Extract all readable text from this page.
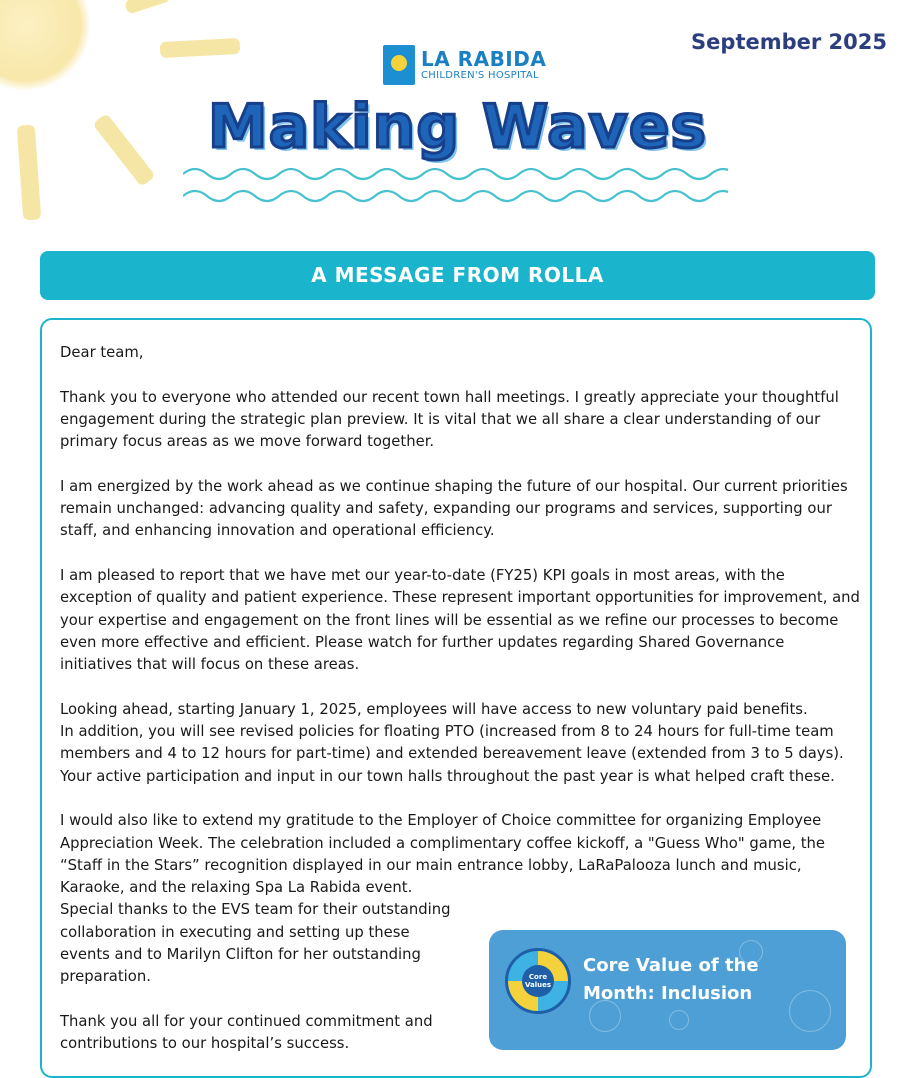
September 2025
LA RABIDA
CHILDREN'S HOSPITAL
Making Waves
A MESSAGE FROM ROLLA

Dear team,

Thank you to everyone who attended our recent town hall meetings. I greatly appreciate your thoughtful engagement during the strategic plan preview. It is vital that we all share a clear understanding of our primary focus areas as we move forward together.

I am energized by the work ahead as we continue shaping the future of our hospital. Our current priorities remain unchanged: advancing quality and safety, expanding our programs and services, supporting our staff, and enhancing innovation and operational efficiency.

I am pleased to report that we have met our year-to-date (FY25) KPI goals in most areas, with the exception of quality and patient experience. These represent important opportunities for improvement, and your expertise and engagement on the front lines will be essential as we refine our processes to become even more effective and efficient. Please watch for further updates regarding Shared Governance initiatives that will focus on these areas.

Looking ahead, starting January 1, 2025, employees will have access to new voluntary paid benefits.

In addition, you will see revised policies for floating PTO (increased from 8 to 24 hours for full-time team members and 4 to 12 hours for part-time) and extended bereavement leave (extended from 3 to 5 days). Your active participation and input in our town halls throughout the past year is what helped craft these.

I would also like to extend my gratitude to the Employer of Choice committee for organizing Employee Appreciation Week. The celebration included a complimentary coffee kickoff, a "Guess Who" game, the “Staff in the Stars” recognition displayed in our main entrance lobby, LaRaPalooza lunch and music, Karaoke, and the relaxing Spa La Rabida event.

Special thanks to the EVS team for their outstanding collaboration in executing and setting up these events and to Marilyn Clifton for her outstanding preparation.

Thank you all for your continued commitment and contributions to our hospital’s success.

Core Values
Core Value of the Month: Inclusion
